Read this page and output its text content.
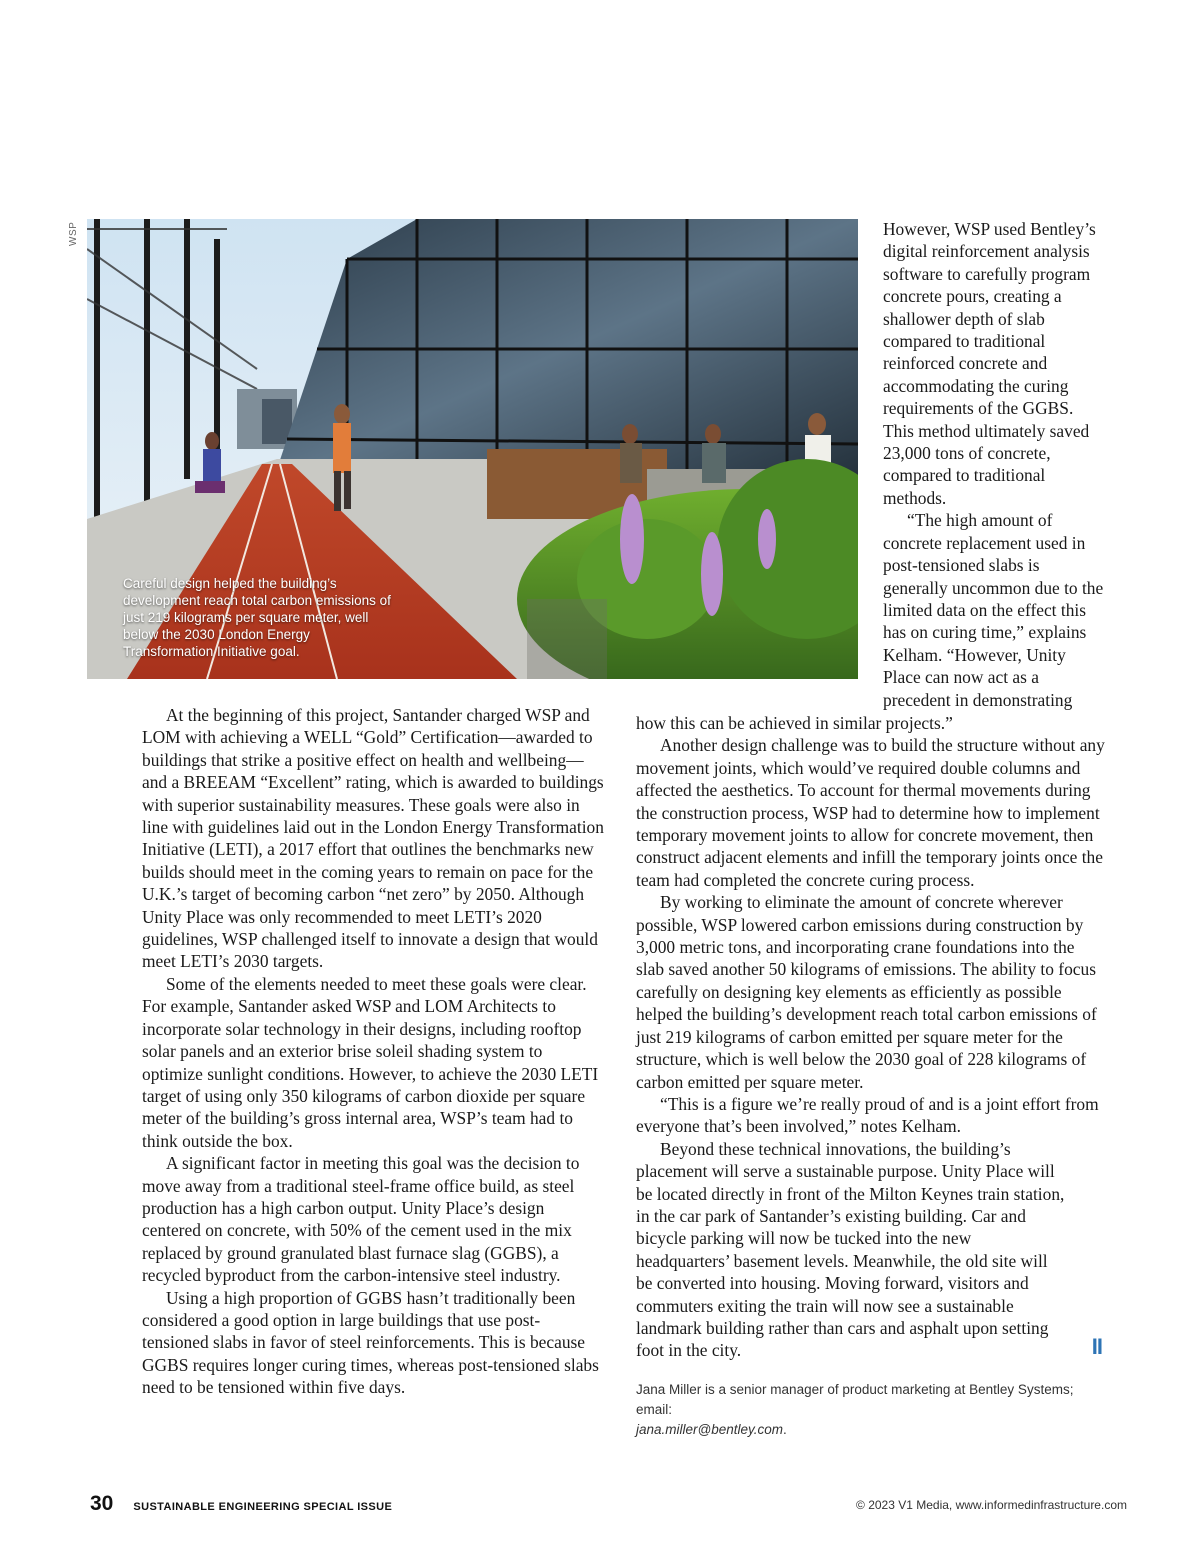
WSP
Careful design helped the building’s development reach total carbon emissions of just 219 kilograms per square meter, well below the 2030 London Energy Transformation Initiative goal.

However, WSP used Bentley’s digital reinforcement analysis software to carefully program concrete pours, creating a shallower depth of slab compared to traditional reinforced concrete and accommodating the curing requirements of the GGBS. This method ultimately saved 23,000 tons of concrete, compared to traditional methods.

“The high amount of concrete replacement used in post-tensioned slabs is generally uncommon due to the limited data on the effect this has on curing time,” explains Kelham. “However, Unity Place can now act as a precedent in demonstrating

At the beginning of this project, Santander charged WSP and LOM with achieving a WELL “Gold” Certification—awarded to buildings that strike a positive effect on health and wellbeing—and a BREEAM “Excellent” rating, which is awarded to buildings with superior sustainability measures. These goals were also in line with guidelines laid out in the London Energy Transformation Initiative (LETI), a 2017 effort that outlines the benchmarks new builds should meet in the coming years to remain on pace for the U.K.’s target of becoming carbon “net zero” by 2050. Although Unity Place was only recommended to meet LETI’s 2020 guidelines, WSP challenged itself to innovate a design that would meet LETI’s 2030 targets.

Some of the elements needed to meet these goals were clear. For example, Santander asked WSP and LOM Architects to incorporate solar technology in their designs, including rooftop solar panels and an exterior brise soleil shading system to optimize sunlight conditions. However, to achieve the 2030 LETI target of using only 350 kilograms of carbon dioxide per square meter of the building’s gross internal area, WSP’s team had to think outside the box.

A significant factor in meeting this goal was the decision to move away from a traditional steel-frame office build, as steel production has a high carbon output. Unity Place’s design centered on concrete, with 50% of the cement used in the mix replaced by ground granulated blast furnace slag (GGBS), a recycled byproduct from the carbon-intensive steel industry.

Using a high proportion of GGBS hasn’t traditionally been considered a good option in large buildings that use post-tensioned slabs in favor of steel reinforcements. This is because GGBS requires longer curing times, whereas post-tensioned slabs need to be tensioned within five days.

how this can be achieved in similar projects.”

Another design challenge was to build the structure without any movement joints, which would’ve required double columns and affected the aesthetics. To account for thermal movements during the construction process, WSP had to determine how to implement temporary movement joints to allow for concrete movement, then construct adjacent elements and infill the temporary joints once the team had completed the concrete curing process.

By working to eliminate the amount of concrete wherever possible, WSP lowered carbon emissions during construction by 3,000 metric tons, and incorporating crane foundations into the slab saved another 50 kilograms of emissions. The ability to focus carefully on designing key elements as efficiently as possible helped the building’s development reach total carbon emissions of just 219 kilograms of carbon emitted per square meter for the structure, which is well below the 2030 goal of 228 kilograms of carbon emitted per square meter.

“This is a figure we’re really proud of and is a joint effort from everyone that’s been involved,” notes Kelham.

Beyond these technical innovations, the building’s placement will serve a sustainable purpose. Unity Place will be located directly in front of the Milton Keynes train station, in the car park of Santander’s existing building. Car and bicycle parking will now be tucked into the new headquarters’ basement levels. Meanwhile, the old site will be converted into housing. Moving forward, visitors and commuters exiting the train will now see a sustainable landmark building rather than cars and asphalt upon setting foot in the city.	II
Jana Miller is a senior manager of product marketing at Bentley Systems; email:
jana.miller@bentley.com.
30 SUSTAINABLE ENGINEERING SPECIAL ISSUE	© 2023 V1 Media, www.informedinfrastructure.com
